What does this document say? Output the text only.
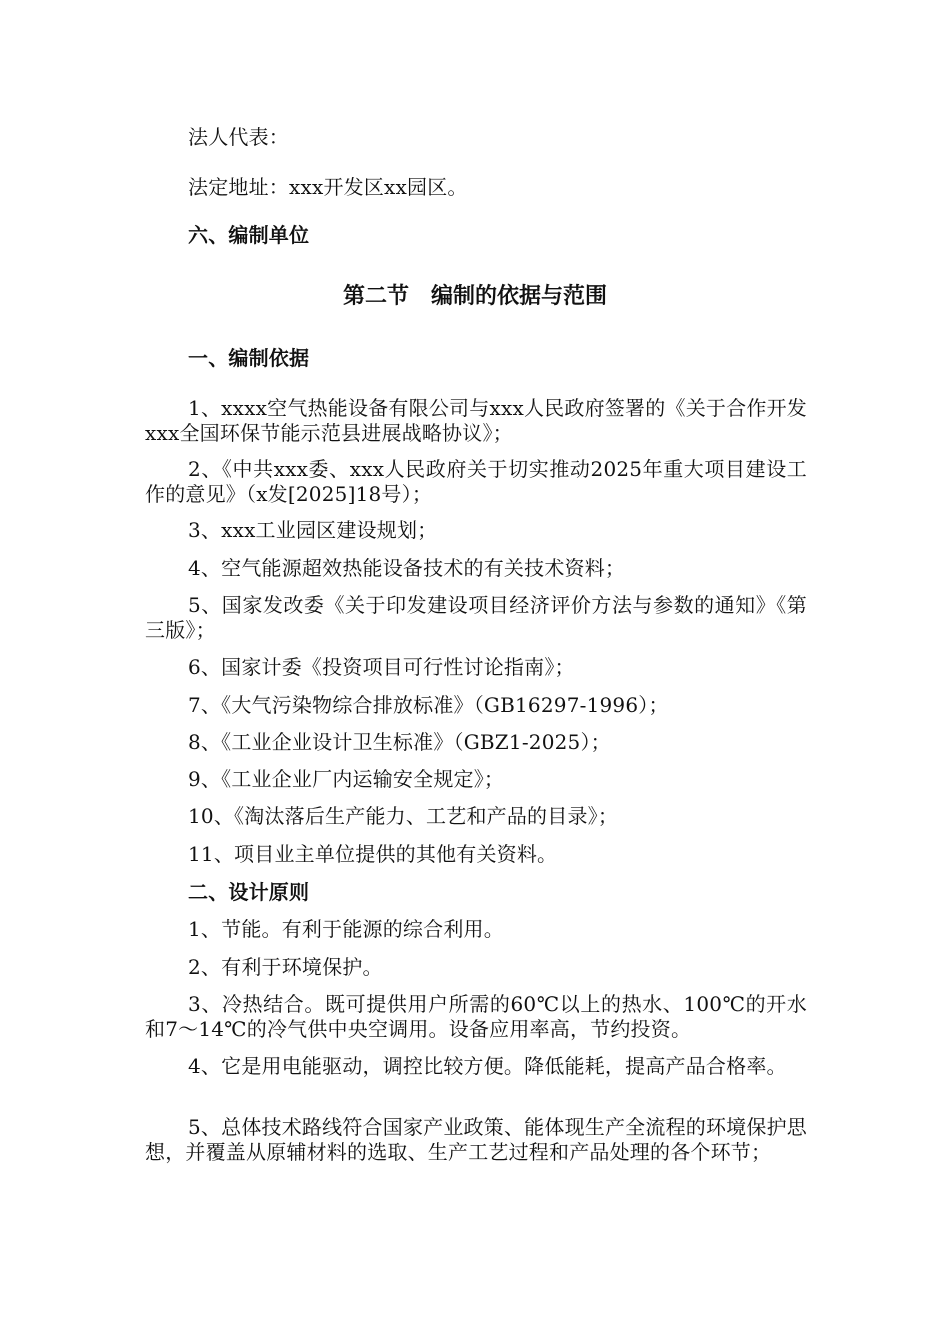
法人代表：
法定地址：xxx开发区xx园区。
六、编制单位
第二节　编制的依据与范围
一、编制依据
1、xxxx空气热能设备有限公司与xxx人民政府签署的《关于合作开发xxx全国环保节能示范县进展战略协议》；
2、《中共xxx委、xxx人民政府关于切实推动2025年重大项目建设工作的意见》（x发[2025]18号）；
3、xxx工业园区建设规划；
4、空气能源超效热能设备技术的有关技术资料；
5、国家发改委《关于印发建设项目经济评价方法与参数的通知》《第三版》；
6、国家计委《投资项目可行性讨论指南》；
7、《大气污染物综合排放标准》（GB16297-1996）；
8、《工业企业设计卫生标准》（GBZ1-2025）；
9、《工业企业厂内运输安全规定》；
10、《淘汰落后生产能力、工艺和产品的目录》；
11、项目业主单位提供的其他有关资料。
二、设计原则
1、节能。有利于能源的综合利用。
2、有利于环境保护。
3、冷热结合。既可提供用户所需的60℃以上的热水、100℃的开水和7～14℃的冷气供中央空调用。设备应用率高，节约投资。
4、它是用电能驱动，调控比较方便。降低能耗，提高产品合格率。
5、总体技术路线符合国家产业政策、能体现生产全流程的环境保护思想，并覆盖从原辅材料的选取、生产工艺过程和产品处理的各个环节；
